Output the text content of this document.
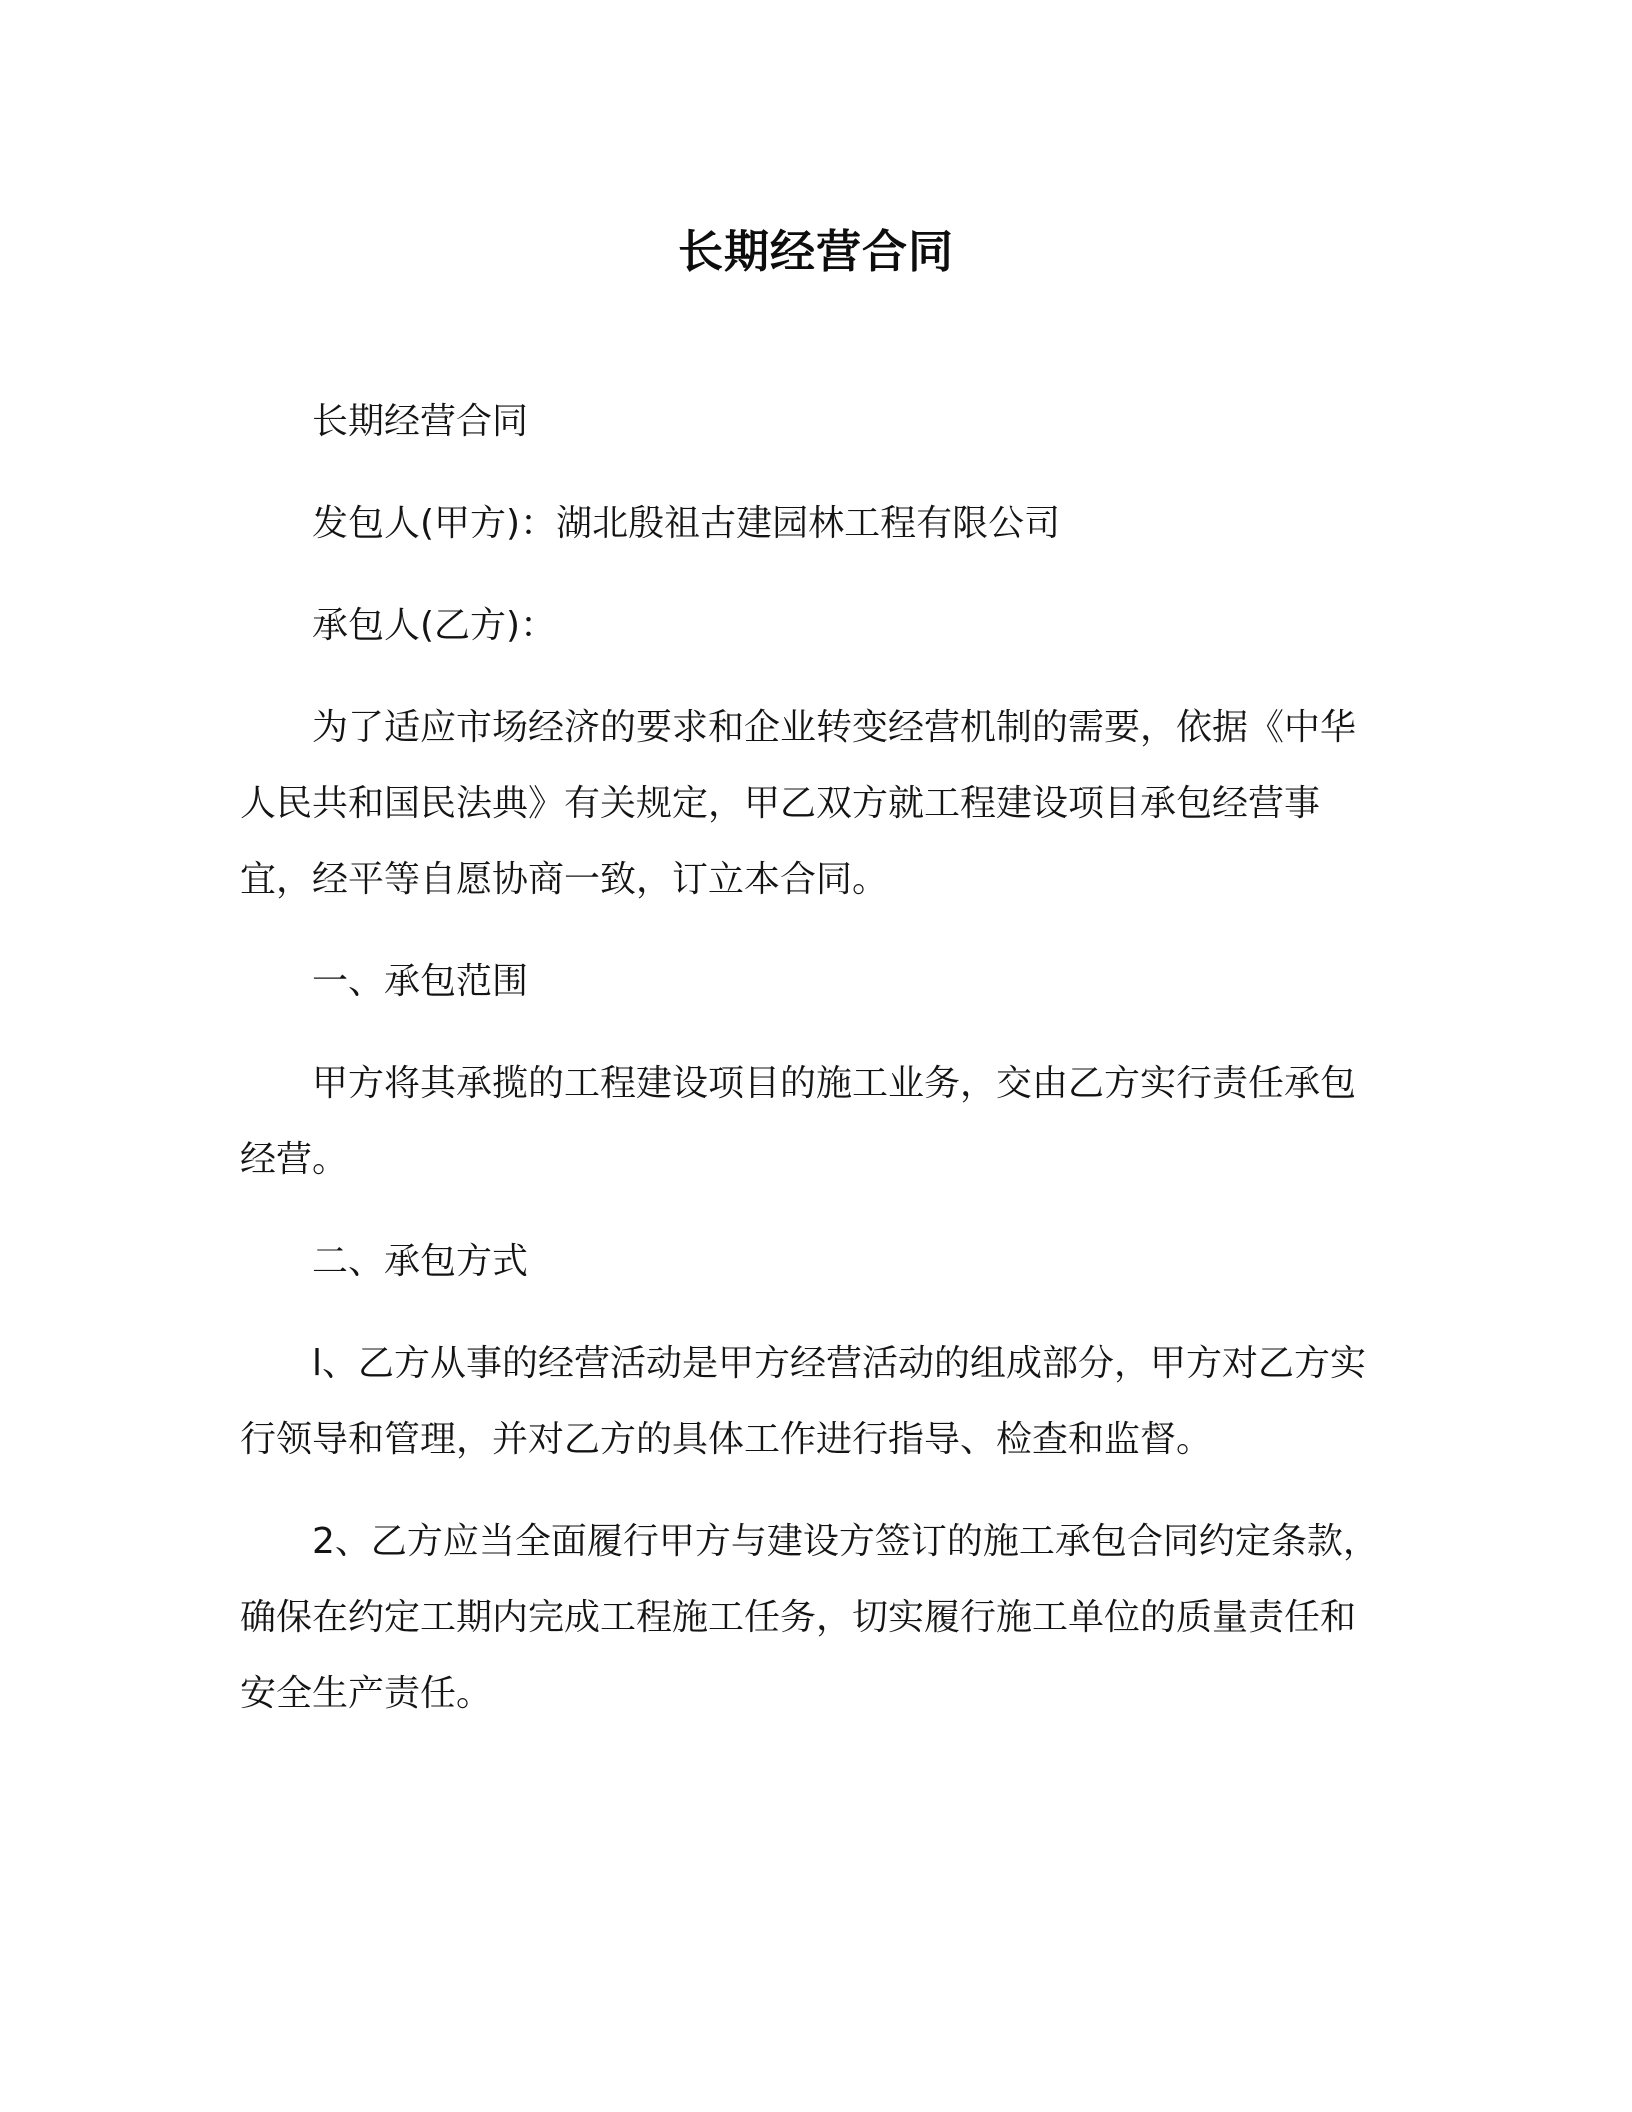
长期经营合同

长期经营合同

发包人(甲方)：湖北殷祖古建园林工程有限公司

承包人(乙方)：

为了适应市场经济的要求和企业转变经营机制的需要，依据《中华人民共和国民法典》有关规定，甲乙双方就工程建设项目承包经营事宜，经平等自愿协商一致，订立本合同。

一、承包范围

甲方将其承揽的工程建设项目的施工业务，交由乙方实行责任承包经营。

二、承包方式

l、乙方从事的经营活动是甲方经营活动的组成部分，甲方对乙方实行领导和管理，并对乙方的具体工作进行指导、检查和监督。

2、乙方应当全面履行甲方与建设方签订的施工承包合同约定条款，确保在约定工期内完成工程施工任务，切实履行施工单位的质量责任和安全生产责任。
